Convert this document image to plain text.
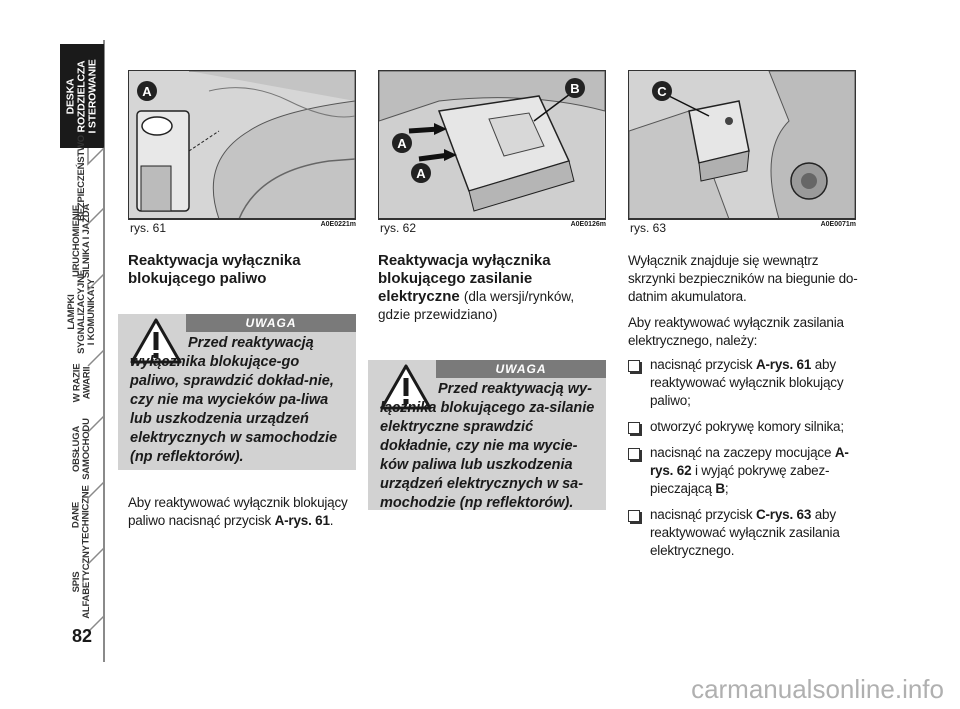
DESKA ROZDZIELCZA I STEROWANIE
BEZPIECZEŃSTWO
URUCHOMIENIE SILNIKA I JAZDA
LAMPKI SYGNALIZACYJNE I KOMUNIKATY
W RAZIE AWARII
OBSŁUGA SAMOCHODU
DANE TECHNICZNE
SPIS ALFABETYCZNY
82
A
rys. 61	A0E0221m
B
A
A
rys. 62	A0E0126m
C
rys. 63	A0E0071m
Reaktywacja wyłącznika blokującego paliwo
UWAGA
Przed reaktywacją wyłącznika blokujące-go paliwo, sprawdzić dokład-nie, czy nie ma wycieków pa-liwa lub uszkodzenia urządzeń elektrycznych w samochodzie (np reflektorów).
Aby reaktywować wyłącznik blokujący paliwo nacisnąć przycisk A-rys. 61.
Reaktywacja wyłącznika blokującego zasilanie elektryczne (dla wersji/rynków, gdzie przewidziano)
UWAGA
Przed reaktywacją wy-łącznika blokującego za-silanie elektryczne sprawdzić dokładnie, czy nie ma wycie-ków paliwa lub uszkodzenia urządzeń elektrycznych w sa-mochodzie (np reflektorów).
Wyłącznik znajduje się wewnątrz skrzynki bezpieczników na biegunie do-datnim akumulatora.
Aby reaktywować wyłącznik zasilania elektrycznego, należy:
nacisnąć przycisk A-rys. 61 aby reaktywować wyłącznik blokujący paliwo;
otworzyć pokrywę komory silnika;
nacisnąć na zaczepy mocujące A-rys. 62 i wyjąć pokrywę zabez-pieczającą B;
nacisnąć przycisk C-rys. 63 aby reaktywować wyłącznik zasilania elektrycznego.
carmanualsonline.info
